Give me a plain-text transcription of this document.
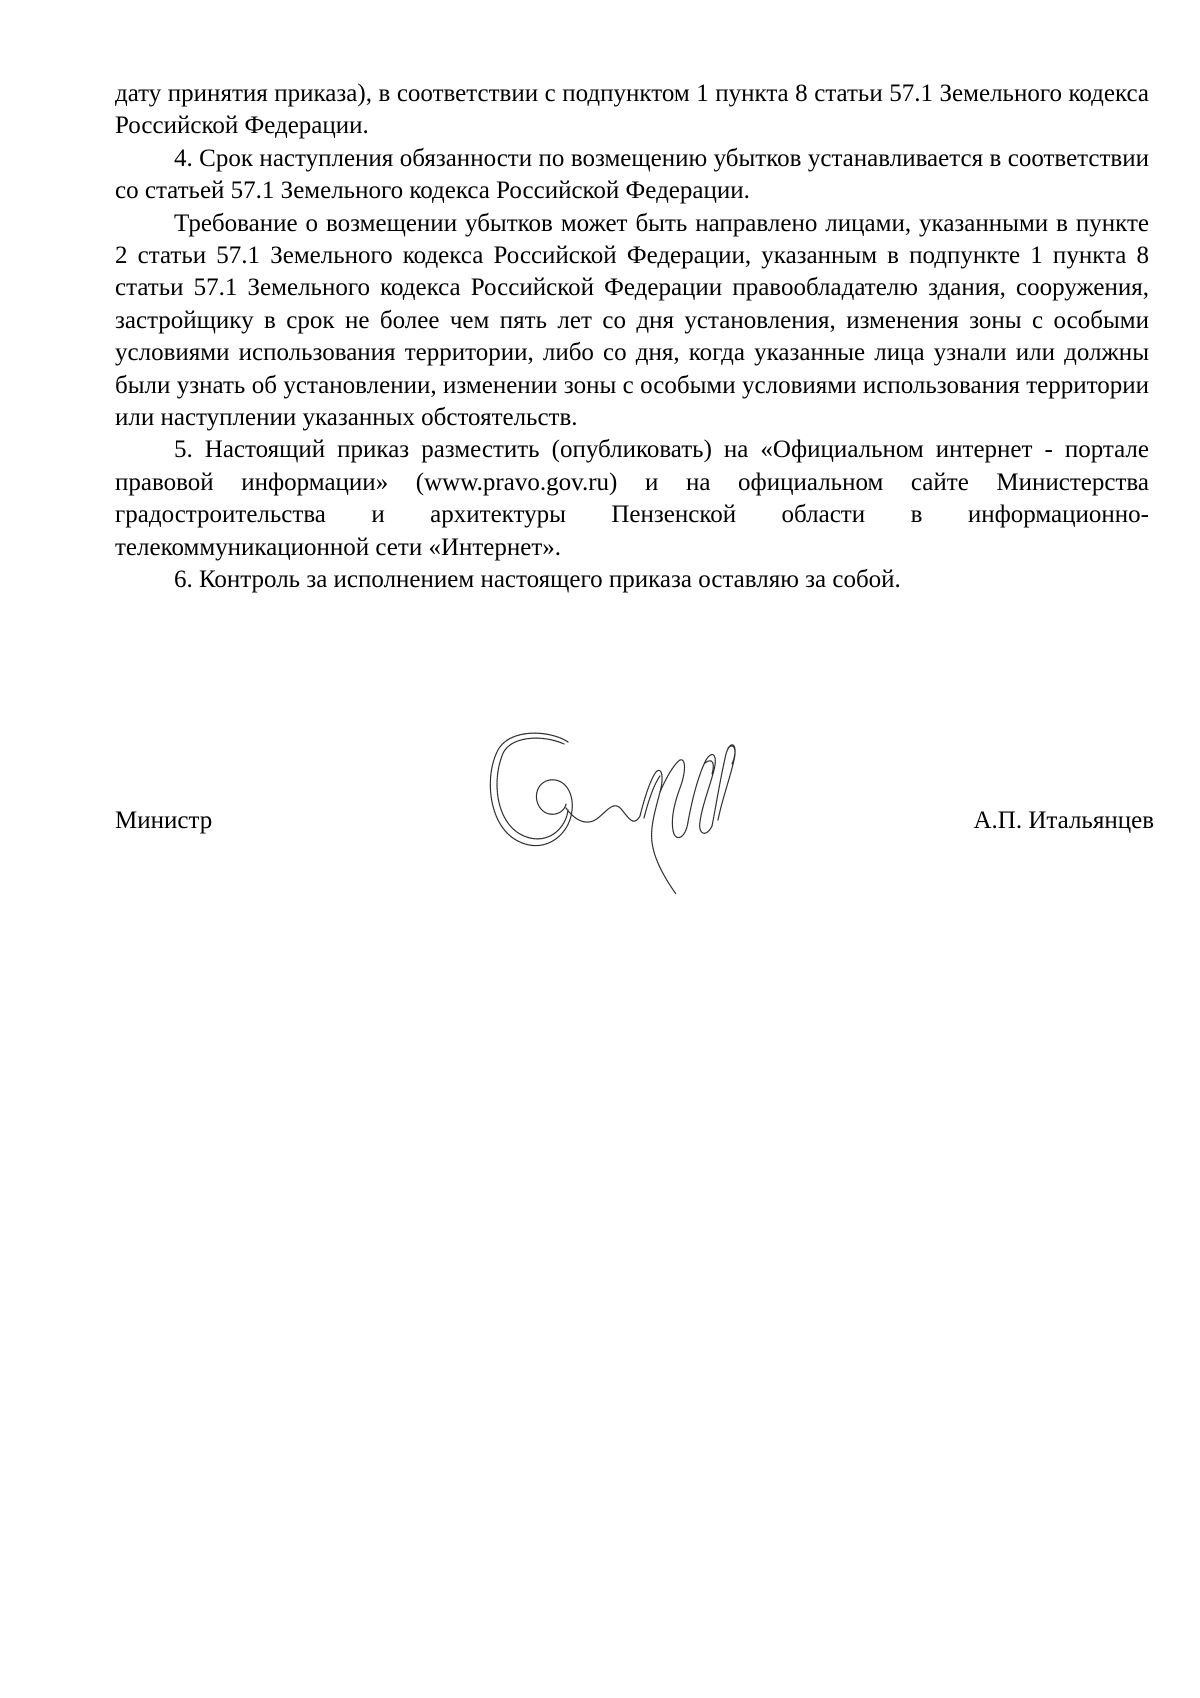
дату принятия приказа), в соответствии с подпунктом 1 пункта 8 статьи 57.1 Земельного кодекса Российской Федерации.

4. Срок наступления обязанности по возмещению убытков устанавливается в соответствии со статьей 57.1 Земельного кодекса Российской Федерации.

Требование о возмещении убытков может быть направлено лицами, указанными в пункте 2 статьи 57.1 Земельного кодекса Российской Федерации, указанным в подпункте 1 пункта 8 статьи 57.1 Земельного кодекса Российской Федерации правообладателю здания, сооружения, застройщику в срок не более чем пять лет со дня установления, изменения зоны с особыми условиями использования территории, либо со дня, когда указанные лица узнали или должны были узнать об установлении, изменении зоны с особыми условиями использования территории или наступлении указанных обстоятельств.

5. Настоящий приказ разместить (опубликовать) на «Официальном интернет - портале правовой информации» (www.pravo.gov.ru) и на официальном сайте Министерства градостроительства и архитектуры Пензенской области в информационно-телекоммуникационной сети «Интернет».

6. Контроль за исполнением настоящего приказа оставляю за собой.

Министр	А.П. Итальянцев
